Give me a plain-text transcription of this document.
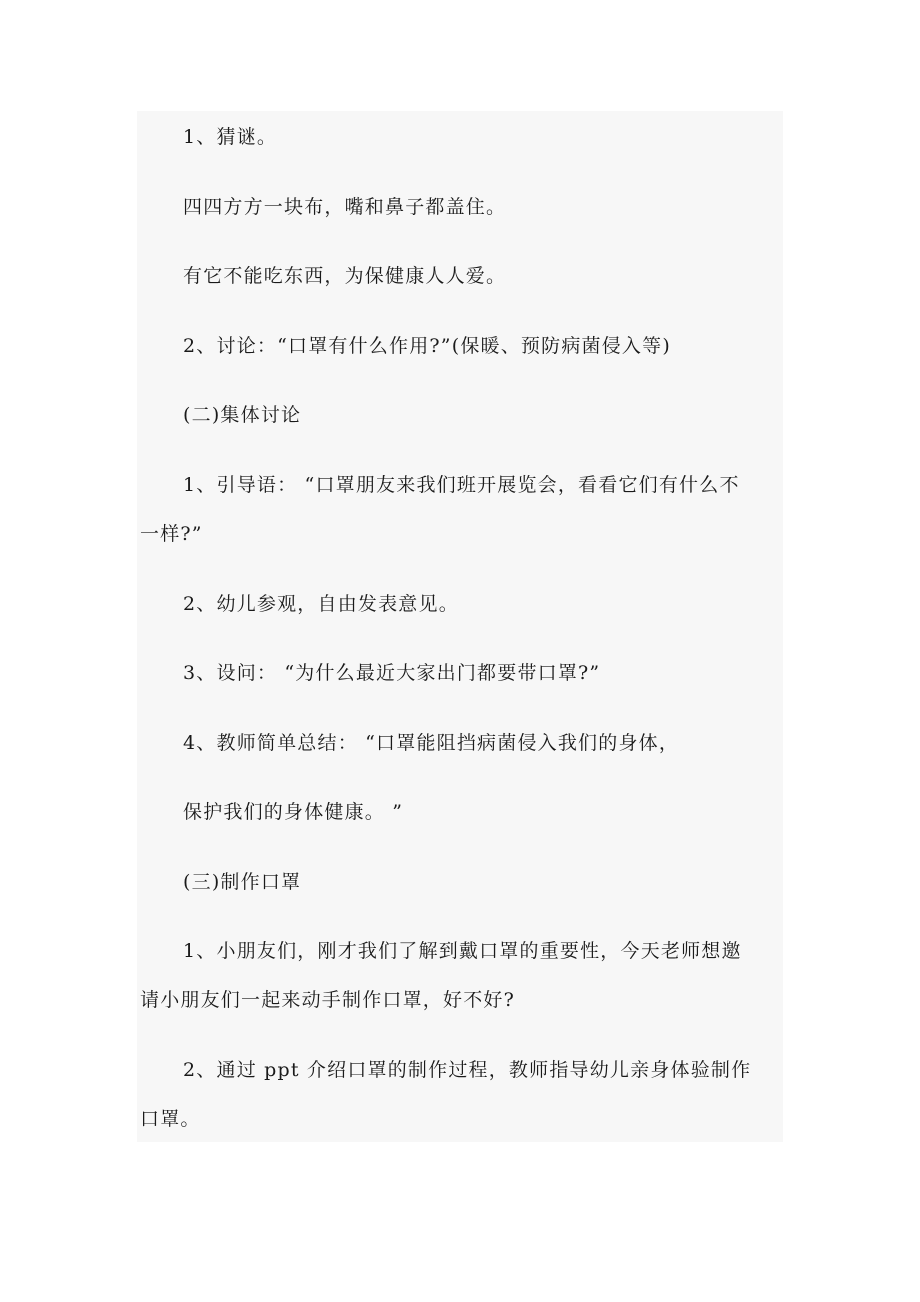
1、猜谜。
四四方方一块布，嘴和鼻子都盖住。
有它不能吃东西，为保健康人人爱。
2、讨论：“口罩有什么作用?”(保暖、预防病菌侵入等)
(二)集体讨论
1、引导语： “口罩朋友来我们班开展览会，看看它们有什么不
一样?”
2、幼儿参观，自由发表意见。
3、设问： “为什么最近大家出门都要带口罩?”
4、教师简单总结： “口罩能阻挡病菌侵入我们的身体，
保护我们的身体健康。 ”
(三)制作口罩
1、小朋友们，刚才我们了解到戴口罩的重要性，今天老师想邀
请小朋友们一起来动手制作口罩，好不好?
2、通过 ppt 介绍口罩的制作过程，教师指导幼儿亲身体验制作
口罩。
